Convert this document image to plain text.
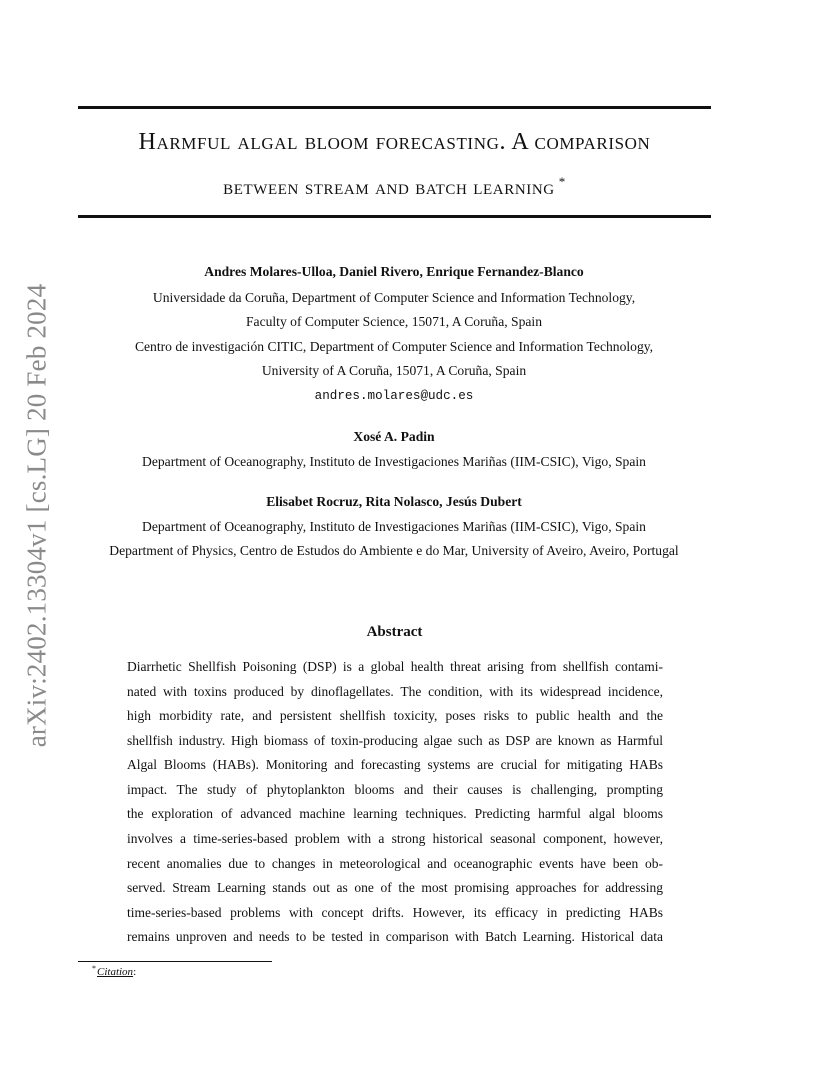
arXiv:2402.13304v1 [cs.LG] 20 Feb 2024
Harmful algal bloom forecasting. A comparison
between stream and batch learning *
Andres Molares-Ulloa, Daniel Rivero, Enrique Fernandez-Blanco
Universidade da Coruña, Department of Computer Science and Information Technology,
Faculty of Computer Science, 15071, A Coruña, Spain
Centro de investigación CITIC, Department of Computer Science and Information Technology,
University of A Coruña, 15071, A Coruña, Spain
andres.molares@udc.es
Xosé A. Padin
Department of Oceanography, Instituto de Investigaciones Mariñas (IIM-CSIC), Vigo, Spain
Elisabet Rocruz, Rita Nolasco, Jesús Dubert
Department of Oceanography, Instituto de Investigaciones Mariñas (IIM-CSIC), Vigo, Spain
Department of Physics, Centro de Estudos do Ambiente e do Mar, University of Aveiro, Aveiro, Portugal
Abstract
Diarrhetic Shellfish Poisoning (DSP) is a global health threat arising from shellfish contami-
nated with toxins produced by dinoflagellates. The condition, with its widespread incidence,
high morbidity rate, and persistent shellfish toxicity, poses risks to public health and the
shellfish industry. High biomass of toxin-producing algae such as DSP are known as Harmful
Algal Blooms (HABs). Monitoring and forecasting systems are crucial for mitigating HABs
impact. The study of phytoplankton blooms and their causes is challenging, prompting
the exploration of advanced machine learning techniques. Predicting harmful algal blooms
involves a time-series-based problem with a strong historical seasonal component, however,
recent anomalies due to changes in meteorological and oceanographic events have been ob-
served. Stream Learning stands out as one of the most promising approaches for addressing
time-series-based problems with concept drifts. However, its efficacy in predicting HABs
remains unproven and needs to be tested in comparison with Batch Learning. Historical data
*Citation:
